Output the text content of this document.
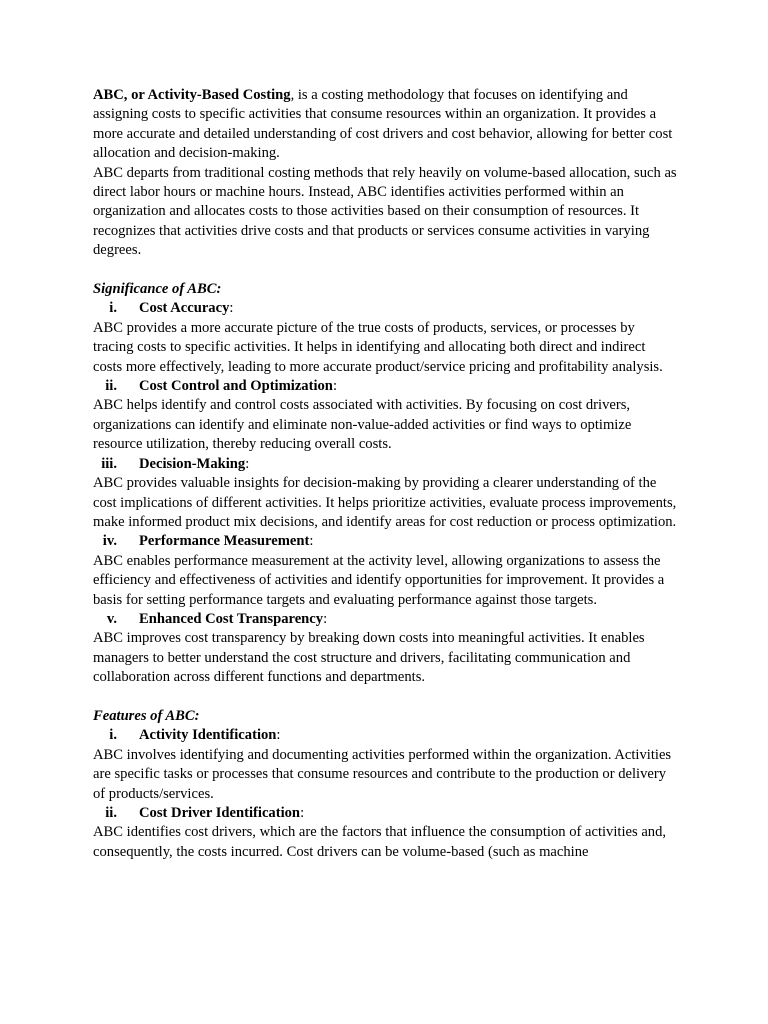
ABC, or Activity-Based Costing, is a costing methodology that focuses on identifying and assigning costs to specific activities that consume resources within an organization. It provides a more accurate and detailed understanding of cost drivers and cost behavior, allowing for better cost allocation and decision-making.

ABC departs from traditional costing methods that rely heavily on volume-based allocation, such as direct labor hours or machine hours. Instead, ABC identifies activities performed within an organization and allocates costs to those activities based on their consumption of resources. It recognizes that activities drive costs and that products or services consume activities in varying degrees.

Significance of ABC:

i. Cost Accuracy:

ABC provides a more accurate picture of the true costs of products, services, or processes by tracing costs to specific activities. It helps in identifying and allocating both direct and indirect costs more effectively, leading to more accurate product/service pricing and profitability analysis.

ii. Cost Control and Optimization:

ABC helps identify and control costs associated with activities. By focusing on cost drivers, organizations can identify and eliminate non-value-added activities or find ways to optimize resource utilization, thereby reducing overall costs.

iii. Decision-Making:

ABC provides valuable insights for decision-making by providing a clearer understanding of the cost implications of different activities. It helps prioritize activities, evaluate process improvements, make informed product mix decisions, and identify areas for cost reduction or process optimization.

iv. Performance Measurement:

ABC enables performance measurement at the activity level, allowing organizations to assess the efficiency and effectiveness of activities and identify opportunities for improvement. It provides a basis for setting performance targets and evaluating performance against those targets.

v. Enhanced Cost Transparency:

ABC improves cost transparency by breaking down costs into meaningful activities. It enables managers to better understand the cost structure and drivers, facilitating communication and collaboration across different functions and departments.

Features of ABC:

i. Activity Identification:

ABC involves identifying and documenting activities performed within the organization. Activities are specific tasks or processes that consume resources and contribute to the production or delivery of products/services.

ii. Cost Driver Identification:

ABC identifies cost drivers, which are the factors that influence the consumption of activities and, consequently, the costs incurred. Cost drivers can be volume-based (such as machine
